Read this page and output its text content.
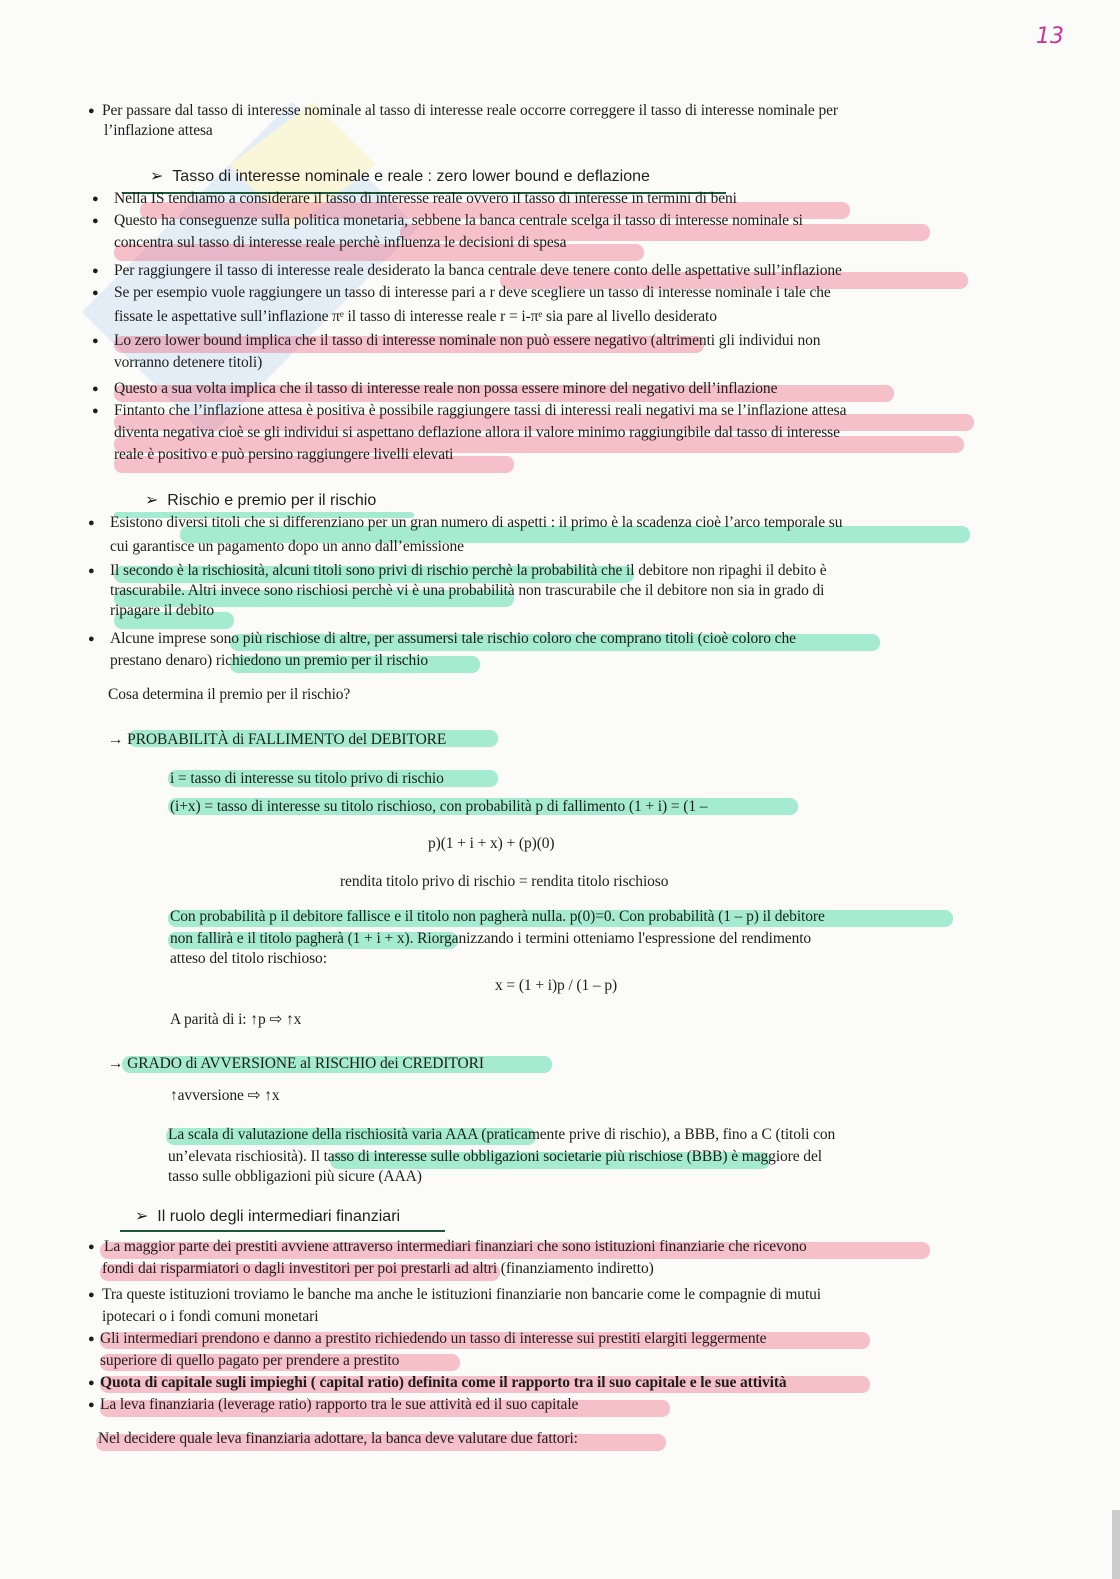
13
● Per passare dal tasso di interesse nominale al tasso di interesse reale occorre correggere il tasso di interesse nominale per
l’inflazione attesa
➢  Tasso di interesse nominale e reale : zero lower bound e deflazione
● Nella IS tendiamo a considerare il tasso di interesse reale ovvero il tasso di interesse in termini di beni
● Questo ha conseguenze sulla politica monetaria, sebbene la banca centrale scelga il tasso di interesse nominale si
concentra sul tasso di interesse reale perchè influenza le decisioni di spesa
● Per raggiungere il tasso di interesse reale desiderato la banca centrale deve tenere conto delle aspettative sull’inflazione
● Se per esempio vuole raggiungere un tasso di interesse pari a r deve scegliere un tasso di interesse nominale i tale che
fissate le aspettative sull’inflazione πᵉ il tasso di interesse reale r = i-πᵉ sia pare al livello desiderato
● Lo zero lower bound implica che il tasso di interesse nominale non può essere negativo (altrimenti gli individui non
vorranno detenere titoli)
● Questo a sua volta implica che il tasso di interesse reale non possa essere minore del negativo dell’inflazione
● Fintanto che l’inflazione attesa è positiva è possibile raggiungere tassi di interessi reali negativi ma se l’inflazione attesa
diventa negativa cioè se gli individui si aspettano deflazione allora il valore minimo raggiungibile dal tasso di interesse
reale è positivo e può persino raggiungere livelli elevati
➢  Rischio e premio per il rischio
● Esistono diversi titoli che si differenziano per un gran numero di aspetti : il primo è la scadenza cioè l’arco temporale su
cui garantisce un pagamento dopo un anno dall’emissione
● Il secondo è la rischiosità, alcuni titoli sono privi di rischio perchè la probabilità che il debitore non ripaghi il debito è
trascurabile. Altri invece sono rischiosi perchè vi è una probabilità non trascurabile che il debitore non sia in grado di
ripagare il debito
● Alcune imprese sono più rischiose di altre, per assumersi tale rischio coloro che comprano titoli (cioè coloro che
prestano denaro) richiedono un premio per il rischio
Cosa determina il premio per il rischio?
→ PROBABILITÀ di FALLIMENTO del DEBITORE
i = tasso di interesse su titolo privo di rischio
(i+x) = tasso di interesse su titolo rischioso, con probabilità p di fallimento (1 + i) = (1 –
p)(1 + i + x) + (p)(0)
rendita titolo privo di rischio = rendita titolo rischioso
Con probabilità p il debitore fallisce e il titolo non pagherà nulla. p(0)=0. Con probabilità (1 – p) il debitore
non fallirà e il titolo pagherà (1 + i + x). Riorganizzando i termini otteniamo l'espressione del rendimento
atteso del titolo rischioso:
x = (1 + i)p / (1 – p)
A parità di i: ↑p ⇨ ↑x
→ GRADO di AVVERSIONE al RISCHIO dei CREDITORI
↑avversione ⇨ ↑x
La scala di valutazione della rischiosità varia AAA (praticamente prive di rischio), a BBB, fino a C (titoli con
un’elevata rischiosità). Il tasso di interesse sulle obbligazioni societarie più rischiose (BBB) è maggiore del
tasso sulle obbligazioni più sicure (AAA)
➢  Il ruolo degli intermediari finanziari
● La maggior parte dei prestiti avviene attraverso intermediari finanziari che sono istituzioni finanziarie che ricevono
fondi dai risparmiatori o dagli investitori per poi prestarli ad altri (finanziamento indiretto)
● Tra queste istituzioni troviamo le banche ma anche le istituzioni finanziarie non bancarie come le compagnie di mutui
ipotecari o i fondi comuni monetari
● Gli intermediari prendono e danno a prestito richiedendo un tasso di interesse sui prestiti elargiti leggermente
superiore di quello pagato per prendere a prestito
● Quota di capitale sugli impieghi ( capital ratio) definita come il rapporto tra il suo capitale e le sue attività
● La leva finanziaria (leverage ratio) rapporto tra le sue attività ed il suo capitale
Nel decidere quale leva finanziaria adottare, la banca deve valutare due fattori:
